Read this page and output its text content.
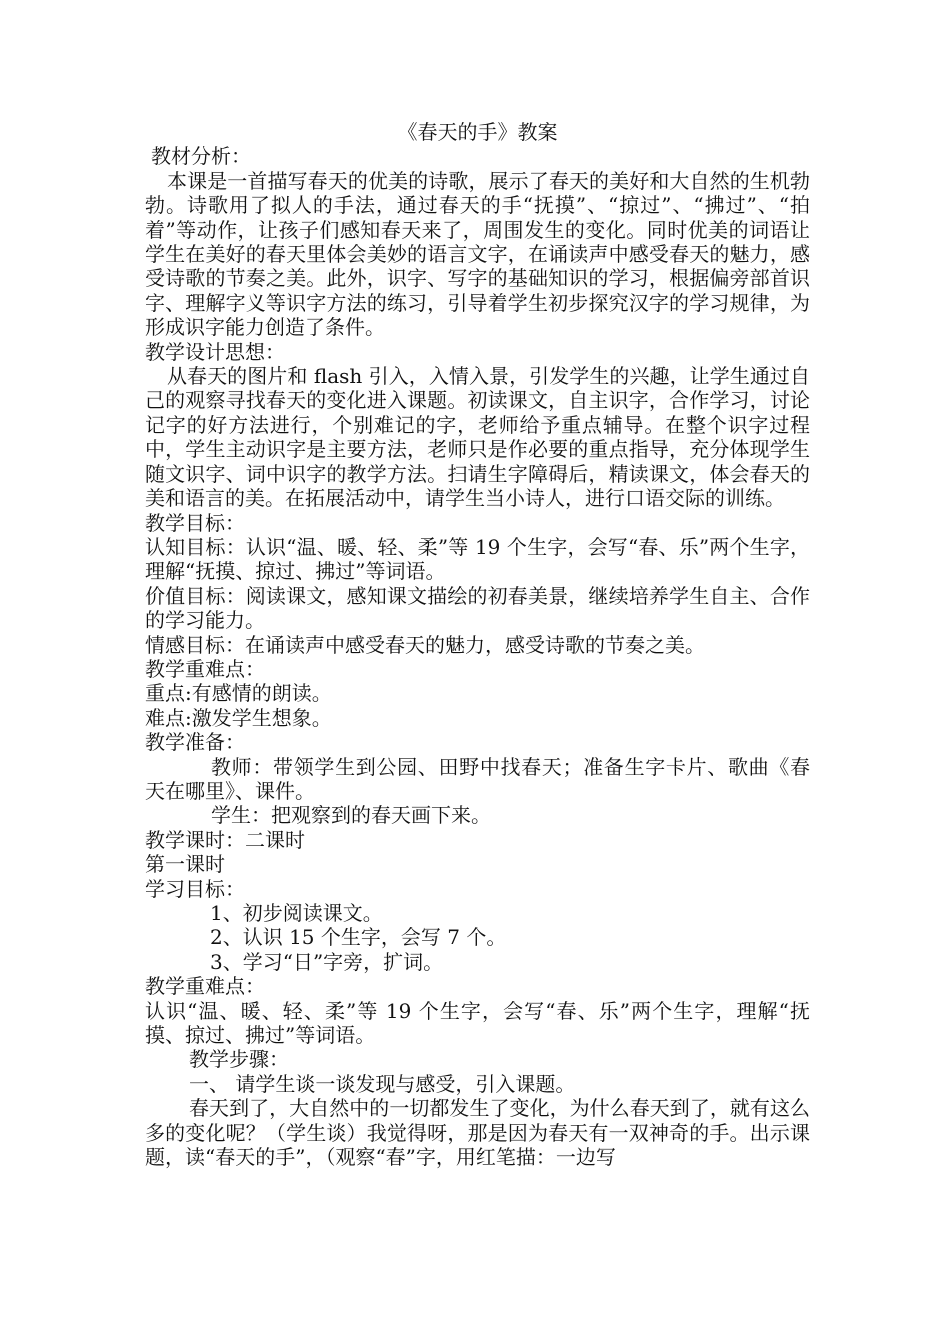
《春天的手》教案

教材分析：

本课是一首描写春天的优美的诗歌，展示了春天的美好和大自然的生机勃勃。诗歌用了拟人的手法，通过春天的手“抚摸”、“掠过”、“拂过”、“拍着”等动作，让孩子们感知春天来了，周围发生的变化。同时优美的词语让学生在美好的春天里体会美妙的语言文字，在诵读声中感受春天的魅力，感受诗歌的节奏之美。此外，识字、写字的基础知识的学习，根据偏旁部首识字、理解字义等识字方法的练习，引导着学生初步探究汉字的学习规律，为形成识字能力创造了条件。

教学设计思想：

从春天的图片和 flash 引入，入情入景，引发学生的兴趣，让学生通过自己的观察寻找春天的变化进入课题。初读课文，自主识字，合作学习，讨论记字的好方法进行，个别难记的字，老师给予重点辅导。在整个识字过程中，学生主动识字是主要方法，老师只是作必要的重点指导，充分体现学生随文识字、词中识字的教学方法。扫请生字障碍后，精读课文，体会春天的美和语言的美。在拓展活动中，请学生当小诗人，进行口语交际的训练。

教学目标：

认知目标：认识“温、暖、轻、柔”等 19 个生字，会写“春、乐”两个生字，理解“抚摸、掠过、拂过”等词语。

价值目标：阅读课文，感知课文描绘的初春美景，继续培养学生自主、合作的学习能力。

情感目标：在诵读声中感受春天的魅力，感受诗歌的节奏之美。

教学重难点：

重点:有感情的朗读。

难点:激发学生想象。

教学准备：

教师：带领学生到公园、田野中找春天；准备生字卡片、歌曲《春天在哪里》、课件。

学生：把观察到的春天画下来。

教学课时：二课时

第一课时

学习目标：

1、初步阅读课文。

2、认识 15 个生字，会写 7 个。

3、学习“日”字旁，扩词。

教学重难点：

认识“温、暖、轻、柔”等 19 个生字，会写“春、乐”两个生字，理解“抚摸、掠过、拂过”等词语。

教学步骤：

一、 请学生谈一谈发现与感受，引入课题。

春天到了，大自然中的一切都发生了变化，为什么春天到了，就有这么多的变化呢？（学生谈）我觉得呀，那是因为春天有一双神奇的手。出示课题，读“春天的手”，（观察“春”字，用红笔描：一边写
